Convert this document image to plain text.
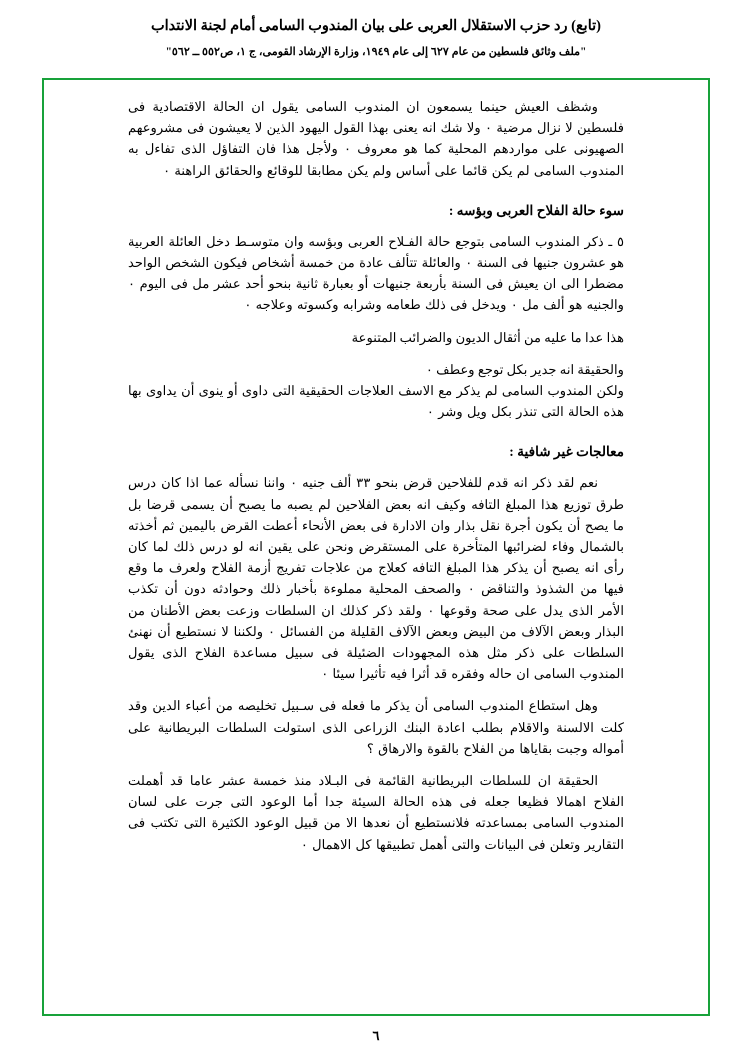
(تابع) رد حزب الاستقلال العربى على بيان المندوب السامى أمام لجنة الانتداب
"ملف وثائق فلسطين من عام ٦٢٧ إلى عام ١٩٤٩، وزارة الإرشاد القومى، ج ١، ص٥٥٢ ــ ٥٦٢"

وشظف العيش حينما يسمعون ان المندوب السامى يقول ان الحالة الاقتصادية فى فلسطين لا نزال مرضية ٠ ولا شك انه يعنى بهذا القول اليهود الذين لا يعيشون فى مشروعهم الصهيونى على مواردهم المحلية كما هو معروف ٠ ولأجل هذا فان التفاؤل الذى تفاءل به المندوب السامى لم يكن قائما على أساس ولم يكن مطابقا للوقائع والحقائق الراهنة ٠

سوء حالة الفلاح العربى وبؤسه :

٥ ـ ذكر المندوب السامى بتوجع حالة الفـلاح العربى وبؤسه وان متوسـط دخل العائلة العربية هو عشرون جنيها فى السنة ٠ والعائلة تتألف عادة من خمسة أشخاص فيكون الشخص الواحد مضطرا الى ان يعيش فى السنة بأربعة جنيهات أو بعبارة ثانية بنحو أحد عشر مل فى اليوم ٠ والجنيه هو ألف مل ٠ ويدخل فى ذلك طعامه وشرابه وكسوته وعلاجه ٠

هذا عدا ما عليه من أثقال الديون والضرائب المتنوعة
والحقيقة انه جدير بكل توجع وعطف ٠

ولكن المندوب السامى لم يذكر مع الاسف العلاجات الحقيقية التى داوى أو ينوى أن يداوى بها هذه الحالة التى تنذر بكل ويل وشر ٠

معالجات غير شافية :

نعم لقد ذكر انه قدم للفلاحين قرض بنحو ٣٣ ألف جنيه ٠ واننا نسأله عما اذا كان درس طرق توزيع هذا المبلغ التافه وكيف انه بعض الفلاحين لم يصبه ما يصبح أن يسمى قرضا بل ما يصح أن يكون أجرة نقل بذار وان الادارة فى بعض الأنحاء أعطت القرض باليمين ثم أخذته بالشمال وفاء لضرائبها المتأخرة على المستقرض ونحن على يقين انه لو درس ذلك لما كان رأى انه يصبح أن يذكر هذا المبلغ التافه كعلاج من علاجات تفريج أزمة الفلاح ولعرف ما وقع فيها من الشذوذ والتناقض ٠ والصحف المحلية مملوءة بأخبار ذلك وحوادثه دون أن تكذب الأمر الذى يدل على صحة وقوعها ٠ ولقد ذكر كذلك ان السلطات وزعت بعض الأطنان من البذار وبعض الآلاف من البيض وبعض الآلاف القليلة من الفسائل ٠ ولكننا لا نستطيع أن نهنئ السلطات على ذكر مثل هذه المجهودات الضئيلة فى سبيل مساعدة الفلاح الذى يقول المندوب السامى ان حاله وفقره قد أثرا فيه تأثيرا سيئا ٠

وهل استطاع المندوب السامى أن يذكر ما فعله فى سـبيل تخليصه من أعباء الدين وقد كلت الالسنة والاقلام بطلب اعادة البنك الزراعى الذى استولت السلطات البريطانية على أمواله وجبت بقاياها من الفلاح بالقوة والارهاق ؟

الحقيقة ان للسلطات البريطانية القائمة فى البـلاد منذ خمسة عشر عاما قد أهملت الفلاح اهمالا فظيعا جعله فى هذه الحالة السيئة جدا أما الوعود التى جرت على لسان المندوب السامى بمساعدته فلانستطيع أن نعدها الا من قبيل الوعود الكثيرة التى تكتب فى التقارير وتعلن فى البيانات والتى أهمل تطبيقها كل الاهمال ٠

٦
